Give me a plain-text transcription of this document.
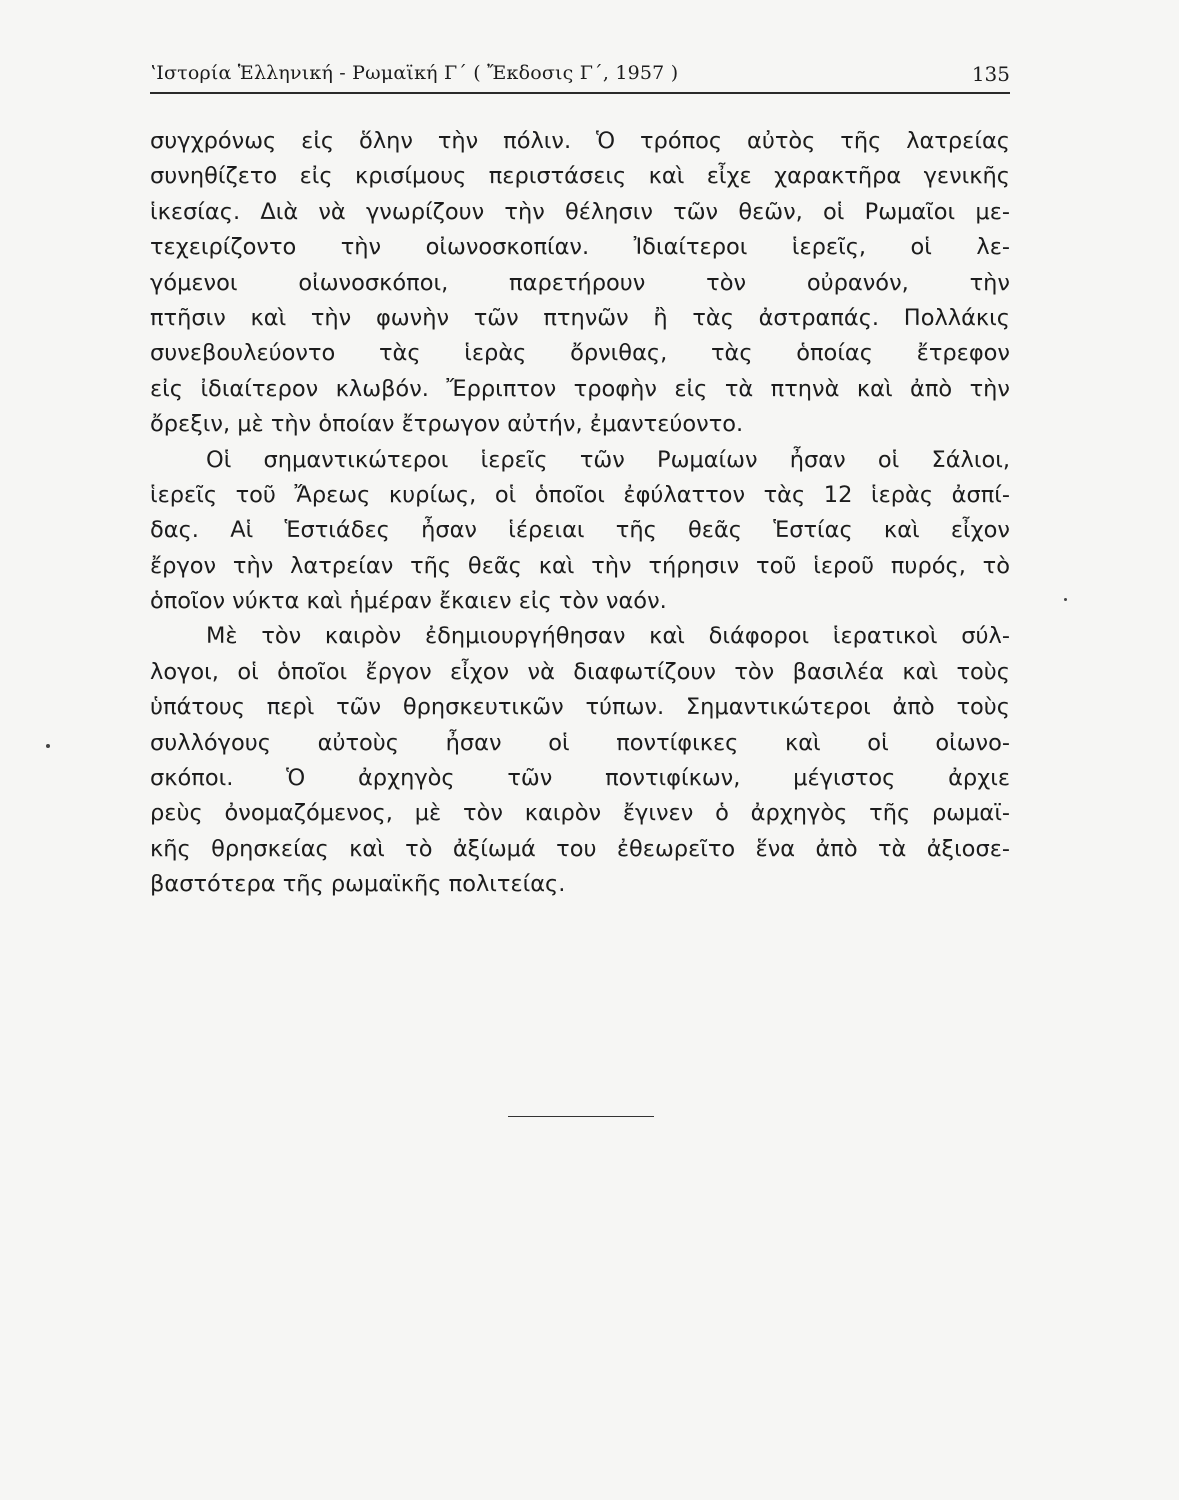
ʽΙστορία Ἑλληνική - Ρωμαϊκή Γ΄ ( Ἔκδοσις Γ΄, 1957 )	135
συγχρόνως εἰς ὅλην τὴν πόλιν. Ὁ τρόπος αὐτὸς τῆς λατρείας
συνηθίζετο εἰς κρισίμους περιστάσεις καὶ εἶχε χαρακτῆρα γενικῆς
ἱκεσίας. Διὰ νὰ γνωρίζουν τὴν θέλησιν τῶν θεῶν, οἱ Ρωμαῖοι με-
τεχειρίζοντο τὴν οἰωνοσκοπίαν. Ἰδιαίτεροι ἱερεῖς, οἱ λε-
γόμενοι οἰωνοσκόποι, παρετήρουν τὸν οὐρανόν, τὴν
πτῆσιν καὶ τὴν φωνὴν τῶν πτηνῶν ἢ τὰς ἀστραπάς. Πολλάκις
συνεβουλεύοντο τὰς ἱερὰς ὄρνιθας, τὰς ὁποίας ἔτρεφον
εἰς ἰδιαίτερον κλωβόν. Ἔρριπτον τροφὴν εἰς τὰ πτηνὰ καὶ ἀπὸ τὴν
ὄρεξιν, μὲ τὴν ὁποίαν ἔτρωγον αὐτήν, ἐμαντεύοντο.
Οἱ σημαντικώτεροι ἱερεῖς τῶν Ρωμαίων ἦσαν οἱ Σάλιοι,
ἱερεῖς τοῦ Ἄρεως κυρίως, οἱ ὁποῖοι ἐφύλαττον τὰς 12 ἱερὰς ἀσπί-
δας. Αἱ Ἑστιάδες ἦσαν ἱέρειαι τῆς θεᾶς Ἑστίας καὶ εἶχον
ἔργον τὴν λατρείαν τῆς θεᾶς καὶ τὴν τήρησιν τοῦ ἱεροῦ πυρός, τὸ
ὁποῖον νύκτα καὶ ἡμέραν ἔκαιεν εἰς τὸν ναόν.
Μὲ τὸν καιρὸν ἐδημιουργήθησαν καὶ διάφοροι ἱερατικοὶ σύλ-
λογοι, οἱ ὁποῖοι ἔργον εἶχον νὰ διαφωτίζουν τὸν βασιλέα καὶ τοὺς
ὑπάτους περὶ τῶν θρησκευτικῶν τύπων. Σημαντικώτεροι ἀπὸ τοὺς
συλλόγους αὐτοὺς ἦσαν οἱ ποντίφικες καὶ οἱ οἰωνο-
σκόποι. Ὁ ἀρχηγὸς τῶν ποντιφίκων, μέγιστος ἀρχιε
ρεὺς ὀνομαζόμενος, μὲ τὸν καιρὸν ἔγινεν ὁ ἀρχηγὸς τῆς ρωμαϊ-
κῆς θρησκείας καὶ τὸ ἀξίωμά του ἐθεωρεῖτο ἕνα ἀπὸ τὰ ἀξιοσε-
βαστότερα τῆς ρωμαϊκῆς πολιτείας.
